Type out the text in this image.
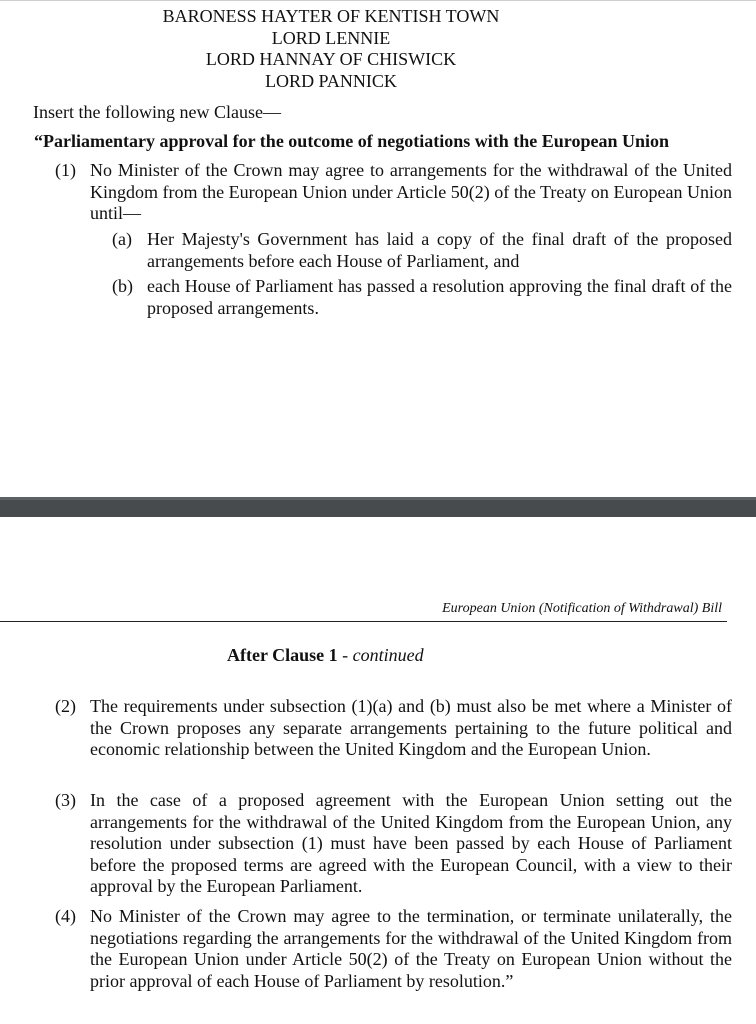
BARONESS HAYTER OF KENTISH TOWN
LORD LENNIE
LORD HANNAY OF CHISWICK
LORD PANNICK
Insert the following new Clause—
“Parliamentary approval for the outcome of negotiations with the European Union
(1) No Minister of the Crown may agree to arrangements for the withdrawal of the United Kingdom from the European Union under Article 50(2) of the Treaty on European Union until—
(a) Her Majesty's Government has laid a copy of the final draft of the proposed arrangements before each House of Parliament, and
(b) each House of Parliament has passed a resolution approving the final draft of the proposed arrangements.
European Union (Notification of Withdrawal) Bill
After Clause 1 - continued
(2) The requirements under subsection (1)(a) and (b) must also be met where a Minister of the Crown proposes any separate arrangements pertaining to the future political and economic relationship between the United Kingdom and the European Union.
(3) In the case of a proposed agreement with the European Union setting out the arrangements for the withdrawal of the United Kingdom from the European Union, any resolution under subsection (1) must have been passed by each House of Parliament before the proposed terms are agreed with the European Council, with a view to their approval by the European Parliament.
(4) No Minister of the Crown may agree to the termination, or terminate unilaterally, the negotiations regarding the arrangements for the withdrawal of the United Kingdom from the European Union under Article 50(2) of the Treaty on European Union without the prior approval of each House of Parliament by resolution.”
